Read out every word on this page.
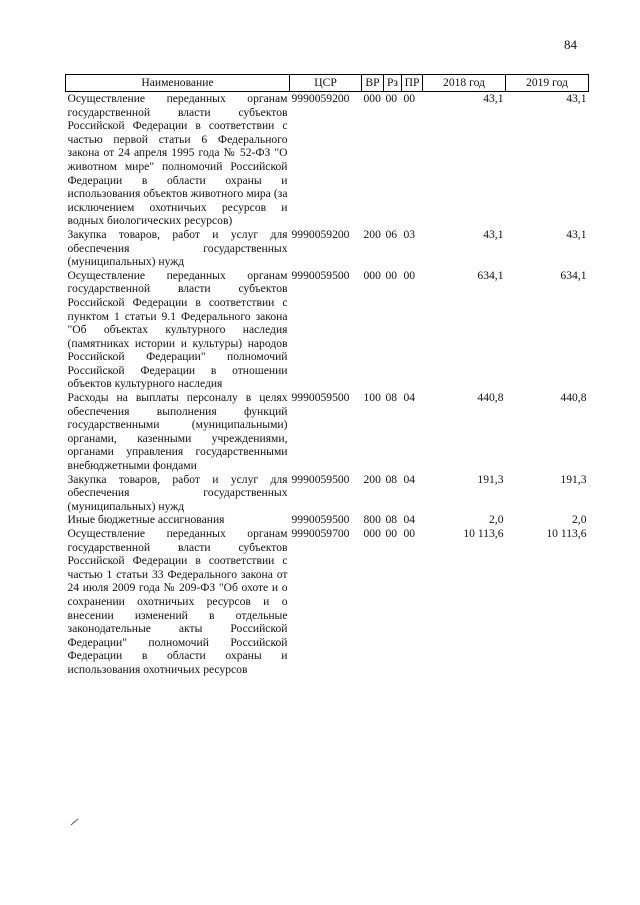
84
Наименование	ЦСР	ВР	Рз	ПР	2018 год	2019 год
Осуществление переданных органам государственной власти субъектов Российской Федерации в соответствии с частью первой статьи 6 Федерального закона от 24 апреля 1995 года № 52-ФЗ "О животном мире" полномочий Российской Федерации в области охраны и использования объектов животного мира (за исключением охотничьих ресурсов и водных биологических ресурсов)	9990059200	000	00	00	43,1	43,1
Закупка товаров, работ и услуг для обеспечения государственных (муниципальных) нужд	9990059200	200	06	03	43,1	43,1
Осуществление переданных органам государственной власти субъектов Российской Федерации в соответствии с пунктом 1 статьи 9.1 Федерального закона "Об объектах культурного наследия (памятниках истории и культуры) народов Российской Федерации" полномочий Российской Федерации в отношении объектов культурного наследия	9990059500	000	00	00	634,1	634,1
Расходы на выплаты персоналу в целях обеспечения выполнения функций государственными (муниципальными) органами, казенными учреждениями, органами управления государственными внебюджетными фондами	9990059500	100	08	04	440,8	440,8
Закупка товаров, работ и услуг для обеспечения государственных (муниципальных) нужд	9990059500	200	08	04	191,3	191,3
Иные бюджетные ассигнования	9990059500	800	08	04	2,0	2,0
Осуществление переданных органам государственной власти субъектов Российской Федерации в соответствии с частью 1 статьи 33 Федерального закона от 24 июля 2009 года № 209-ФЗ "Об охоте и о сохранении охотничьих ресурсов и о внесении изменений в отдельные законодательные акты Российской Федерации" полномочий Российской Федерации в области охраны и использования охотничьих ресурсов	9990059700	000	00	00	10 113,6	10 113,6
